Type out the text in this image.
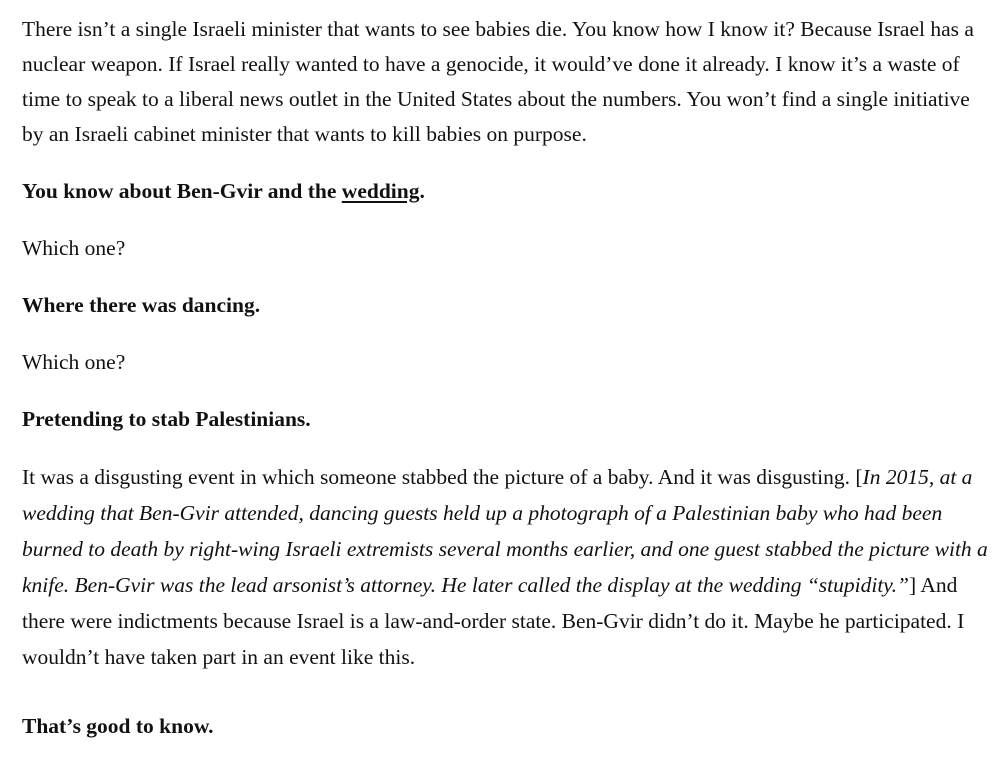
There isn’t a single Israeli minister that wants to see babies die. You know how I know it? Because Israel has a nuclear weapon. If Israel really wanted to have a genocide, it would’ve done it already. I know it’s a waste of time to speak to a liberal news outlet in the United States about the numbers. You won’t find a single initiative by an Israeli cabinet minister that wants to kill babies on purpose.

You know about Ben-Gvir and the wedding.

Which one?

Where there was dancing.

Which one?

Pretending to stab Palestinians.

It was a disgusting event in which someone stabbed the picture of a baby. And it was disgusting. [In 2015, at a wedding that Ben-Gvir attended, dancing guests held up a photograph of a Palestinian baby who had been burned to death by right-wing Israeli extremists several months earlier, and one guest stabbed the picture with a knife. Ben-Gvir was the lead arsonist’s attorney. He later called the display at the wedding “stupidity.”] And there were indictments because Israel is a law-and-order state. Ben-Gvir didn’t do it. Maybe he participated. I wouldn’t have taken part in an event like this.

That’s good to know.
